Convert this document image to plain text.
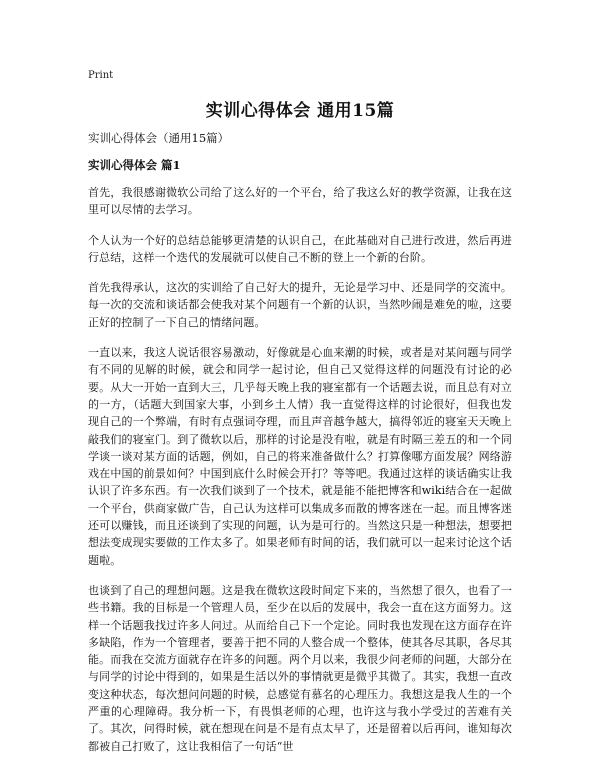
Print
实训心得体会 通用15篇

实训心得体会（通用15篇）

实训心得体会 篇1

首先，我很感谢微软公司给了这么好的一个平台，给了我这么好的教学资源，让我在这里可以尽情的去学习。

个人认为一个好的总结总能够更清楚的认识自己，在此基础对自己进行改进，然后再进行总结，这样一个迭代的发展就可以使自己不断的登上一个新的台阶。

首先我得承认，这次的实训给了自己好大的提升，无论是学习中、还是同学的交流中。每一次的交流和谈话都会使我对某个问题有一个新的认识，当然吵闹是难免的啦，这要正好的控制了一下自己的情绪问题。

一直以来，我这人说话很容易激动，好像就是心血来潮的时候，或者是对某问题与同学有不同的见解的时候，就会和同学一起讨论，但自己又觉得这样的问题没有讨论的必要。从大一开始一直到大三，几乎每天晚上我的寝室都有一个话题去说，而且总有对立的一方，（话题大到国家大事，小到乡土人情）我一直觉得这样的讨论很好，但我也发现自己的一个弊端，有时有点强词夺理，而且声音越争越大，搞得邻近的寝室天天晚上敲我们的寝室门。到了微软以后，那样的讨论是没有啦，就是有时隔三差五的和一个同学谈一谈对某方面的话题，例如，自己的将来准备做什么？打算像哪方面发展？网络游戏在中国的前景如何？中国到底什么时候会开打？等等吧。我通过这样的谈话确实让我认识了许多东西。有一次我们谈到了一个技术，就是能不能把博客和wiki结合在一起做一个平台，供商家做广告，自己认为这样可以集成多而散的博客迷在一起。而且博客迷还可以赚钱，而且还谈到了实现的问题，认为是可行的。当然这只是一种想法，想要把想法变成现实要做的工作太多了。如果老师有时间的话，我们就可以一起来讨论这个话题啦。

也谈到了自己的理想问题。这是我在微软这段时间定下来的，当然想了很久，也看了一些书籍。我的目标是一个管理人员，至少在以后的发展中，我会一直在这方面努力。这样一个话题我找过许多人问过。从而给自己下一个定论。同时我也发现在这方面存在许多缺陷，作为一个管理者，要善于把不同的人整合成一个整体，使其各尽其职，各尽其能。而我在交流方面就存在许多的问题。两个月以来，我很少问老师的问题，大部分在与同学的讨论中得到的，如果是生活以外的事情就更是微乎其微了。其实，我想一直改变这种状态，每次想问问题的时候，总感觉有慕名的心理压力。我想这是我人生的一个严重的心理障碍。我分析一下，有畏惧老师的心理，也许这与我小学受过的苦难有关了。其次，问得时候，就在想现在问是不是有点太早了，还是留着以后再问，谁知每次都被自己打败了，这让我相信了一句话“世
